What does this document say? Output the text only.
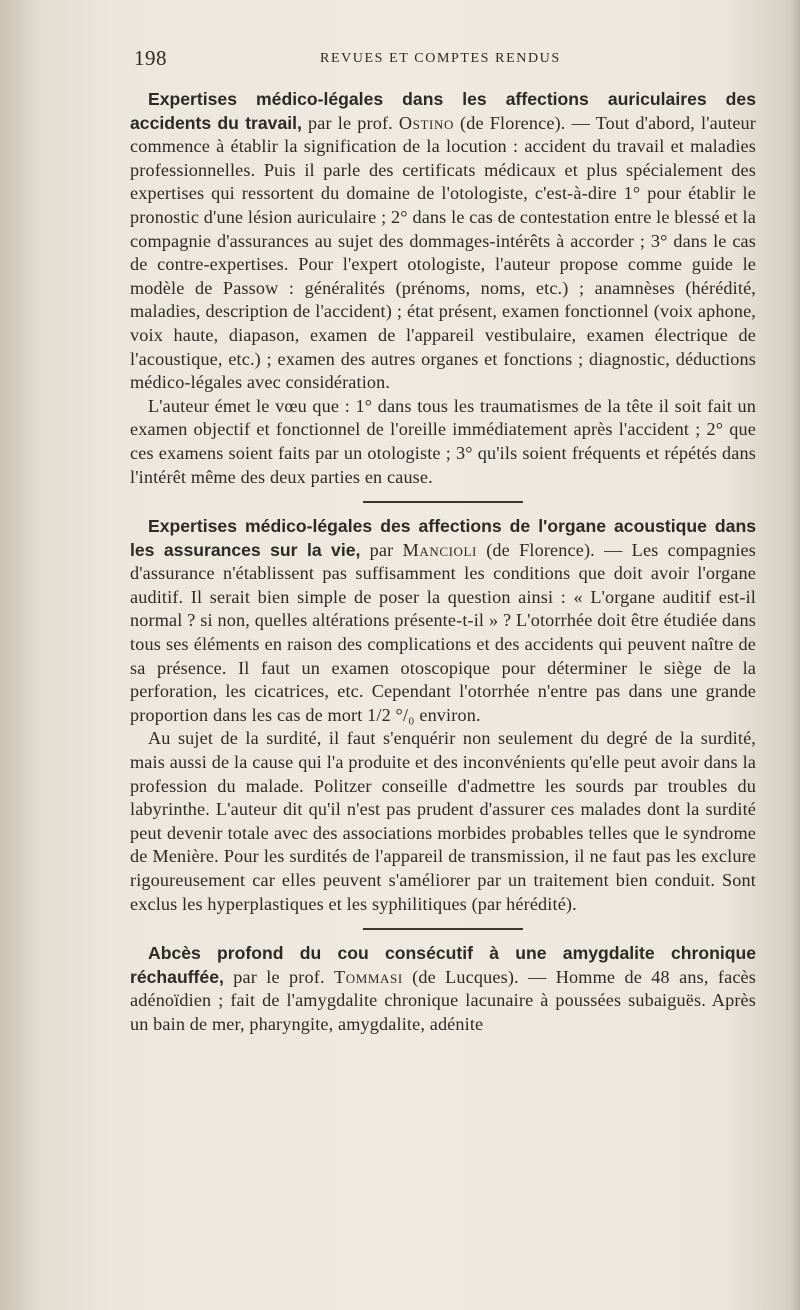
198	REVUES ET COMPTES RENDUS

Expertises médico-légales dans les affections auriculaires des accidents du travail, par le prof. Ostino (de Florence). — Tout d'abord, l'auteur commence à établir la signification de la locution : accident du travail et maladies professionnelles. Puis il parle des certificats médicaux et plus spécialement des expertises qui ressortent du domaine de l'otologiste, c'est-à-dire 1° pour établir le pronostic d'une lésion auriculaire ; 2° dans le cas de contestation entre le blessé et la compagnie d'assurances au sujet des dommages-intérêts à accorder ; 3° dans le cas de contre-expertises. Pour l'expert otologiste, l'auteur propose comme guide le modèle de Passow : généralités (prénoms, noms, etc.) ; anamnèses (hérédité, maladies, description de l'accident) ; état présent, examen fonctionnel (voix aphone, voix haute, diapason, examen de l'appareil vestibulaire, examen électrique de l'acoustique, etc.) ; examen des autres organes et fonctions ; diagnostic, déductions médico-légales avec considération.

L'auteur émet le vœu que : 1° dans tous les traumatismes de la tête il soit fait un examen objectif et fonctionnel de l'oreille immédiatement après l'accident ; 2° que ces examens soient faits par un otologiste ; 3° qu'ils soient fréquents et répétés dans l'intérêt même des deux parties en cause.

Expertises médico-légales des affections de l'organe acoustique dans les assurances sur la vie, par Mancioli (de Florence). — Les compagnies d'assurance n'établissent pas suffisamment les conditions que doit avoir l'organe auditif. Il serait bien simple de poser la question ainsi : « L'organe auditif est-il normal ? si non, quelles altérations présente-t-il » ? L'otorrhée doit être étudiée dans tous ses éléments en raison des complications et des accidents qui peuvent naître de sa présence. Il faut un examen otoscopique pour déterminer le siège de la perforation, les cicatrices, etc. Cependant l'otorrhée n'entre pas dans une grande proportion dans les cas de mort 1/2 °/₀ environ.

Au sujet de la surdité, il faut s'enquérir non seulement du degré de la surdité, mais aussi de la cause qui l'a produite et des inconvénients qu'elle peut avoir dans la profession du malade. Politzer conseille d'admettre les sourds par troubles du labyrinthe. L'auteur dit qu'il n'est pas prudent d'assurer ces malades dont la surdité peut devenir totale avec des associations morbides probables telles que le syndrome de Menière. Pour les surdités de l'appareil de transmission, il ne faut pas les exclure rigoureusement car elles peuvent s'améliorer par un traitement bien conduit. Sont exclus les hyperplastiques et les syphilitiques (par hérédité).

Abcès profond du cou consécutif à une amygdalite chronique réchauffée, par le prof. Tommasi (de Lucques). — Homme de 48 ans, facès adénoïdien ; fait de l'amygdalite chronique lacunaire à poussées subaiguës. Après un bain de mer, pharyngite, amygdalite, adénite
